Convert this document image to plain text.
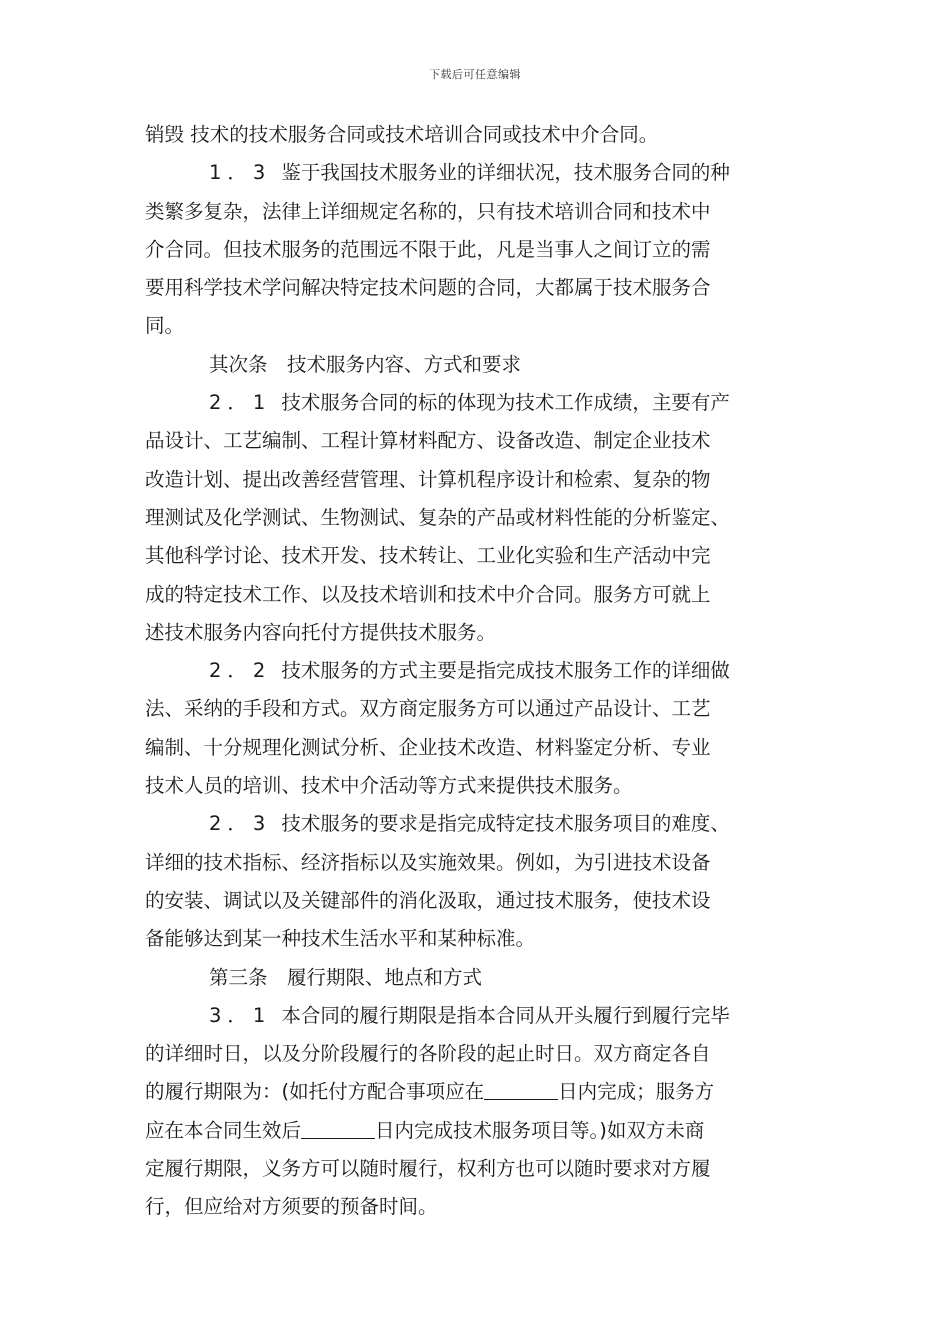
下载后可任意编辑
销毁 技术的技术服务合同或技术培训合同或技术中介合同。
1．3 鉴于我国技术服务业的详细状况，技术服务合同的种
类繁多复杂，法律上详细规定名称的，只有技术培训合同和技术中
介合同。但技术服务的范围远不限于此，凡是当事人之间订立的需
要用科学技术学问解决特定技术问题的合同，大都属于技术服务合
同。
其次条　技术服务内容、方式和要求
2．1 技术服务合同的标的体现为技术工作成绩，主要有产
品设计、工艺编制、工程计算材料配方、设备改造、制定企业技术
改造计划、提出改善经营管理、计算机程序设计和检索、复杂的物
理测试及化学测试、生物测试、复杂的产品或材料性能的分析鉴定、
其他科学讨论、技术开发、技术转让、工业化实验和生产活动中完
成的特定技术工作、以及技术培训和技术中介合同。服务方可就上
述技术服务内容向托付方提供技术服务。
2．2 技术服务的方式主要是指完成技术服务工作的详细做
法、采纳的手段和方式。双方商定服务方可以通过产品设计、工艺
编制、十分规理化测试分析、企业技术改造、材料鉴定分析、专业
技术人员的培训、技术中介活动等方式来提供技术服务。
2．3 技术服务的要求是指完成特定技术服务项目的难度、
详细的技术指标、经济指标以及实施效果。例如，为引进技术设备
的安装、调试以及关键部件的消化汲取，通过技术服务，使技术设
备能够达到某一种技术生活水平和某种标准。
第三条　履行期限、地点和方式
3．1 本合同的履行期限是指本合同从开头履行到履行完毕
的详细时日，以及分阶段履行的各阶段的起止时日。双方商定各自
的履行期限为：(如托付方配合事项应在	日内完成；服务方
应在本合同生效后	日内完成技术服务项目等。)如双方未商
定履行期限，义务方可以随时履行，权利方也可以随时要求对方履
行，但应给对方须要的预备时间。
